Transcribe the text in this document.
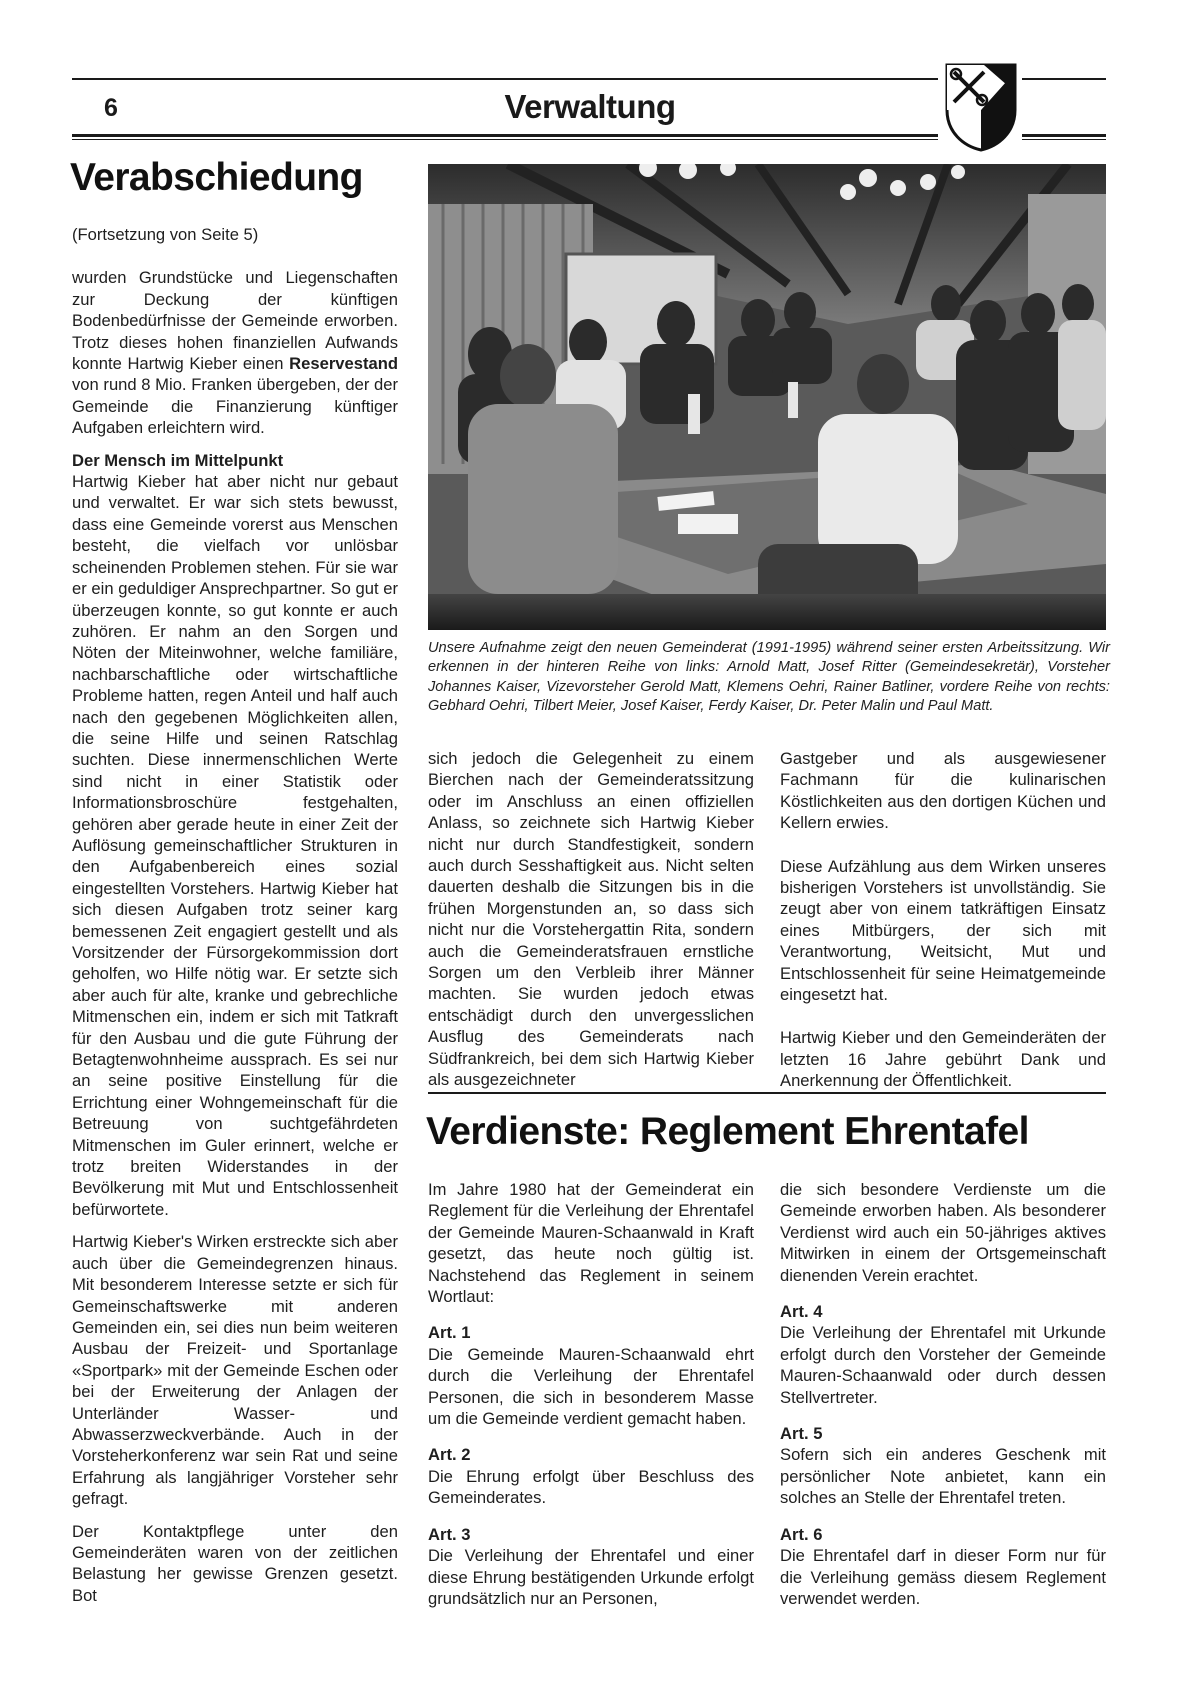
6	Verwaltung
Verabschiedung

(Fortsetzung von Seite 5)

wurden Grundstücke und Liegenschaften zur Deckung der künftigen Bodenbedürfnisse der Gemeinde erworben. Trotz dieses hohen finanziellen Aufwands konnte Hartwig Kieber einen Reservestand von rund 8 Mio. Franken übergeben, der der Gemeinde die Finanzierung künftiger Aufgaben erleichtern wird.

Der Mensch im Mittelpunkt

Hartwig Kieber hat aber nicht nur gebaut und verwaltet. Er war sich stets bewusst, dass eine Gemeinde vorerst aus Menschen besteht, die vielfach vor unlösbar scheinenden Problemen stehen. Für sie war er ein geduldiger Ansprechpartner. So gut er überzeugen konnte, so gut konnte er auch zuhören. Er nahm an den Sorgen und Nöten der Miteinwohner, welche familiäre, nachbarschaftliche oder wirtschaftliche Probleme hatten, regen Anteil und half auch nach den gegebenen Möglichkeiten allen, die seine Hilfe und seinen Ratschlag suchten. Diese innermenschlichen Werte sind nicht in einer Statistik oder Informationsbroschüre festgehalten, gehören aber gerade heute in einer Zeit der Auflösung gemeinschaftlicher Strukturen in den Aufgabenbereich eines sozial eingestellten Vorstehers. Hartwig Kieber hat sich diesen Aufgaben trotz seiner karg bemessenen Zeit engagiert gestellt und als Vorsitzender der Fürsorgekommission dort geholfen, wo Hilfe nötig war. Er setzte sich aber auch für alte, kranke und gebrechliche Mitmenschen ein, indem er sich mit Tatkraft für den Ausbau und die gute Führung der Betagtenwohnheime aussprach. Es sei nur an seine positive Einstellung für die Errichtung einer Wohngemeinschaft für die Betreuung von suchtgefährdeten Mitmenschen im Guler erinnert, welche er trotz breiten Widerstandes in der Bevölkerung mit Mut und Entschlossenheit befürwortete.

Hartwig Kieber's Wirken erstreckte sich aber auch über die Gemeindegrenzen hinaus. Mit besonderem Interesse setzte er sich für Gemeinschaftswerke mit anderen Gemeinden ein, sei dies nun beim weiteren Ausbau der Freizeit- und Sportanlage «Sportpark» mit der Gemeinde Eschen oder bei der Erweiterung der Anlagen der Unterländer Wasser- und Abwasserzweckverbände. Auch in der Vorsteherkonferenz war sein Rat und seine Erfahrung als langjähriger Vorsteher sehr gefragt.

Der Kontaktpflege unter den Gemeinderäten waren von der zeitlichen Belastung her gewisse Grenzen gesetzt. Bot

Unsere Aufnahme zeigt den neuen Gemeinderat (1991-1995) während seiner ersten Arbeitssitzung. Wir erkennen in der hinteren Reihe von links: Arnold Matt, Josef Ritter (Gemeindesekretär), Vorsteher Johannes Kaiser, Vizevorsteher Gerold Matt, Klemens Oehri, Rainer Batliner, vordere Reihe von rechts: Gebhard Oehri, Tilbert Meier, Josef Kaiser, Ferdy Kaiser, Dr. Peter Malin und Paul Matt.

sich jedoch die Gelegenheit zu einem Bierchen nach der Gemeinderatssitzung oder im Anschluss an einen offiziellen Anlass, so zeichnete sich Hartwig Kieber nicht nur durch Standfestigkeit, sondern auch durch Sesshaftigkeit aus. Nicht selten dauerten deshalb die Sitzungen bis in die frühen Morgenstunden an, so dass sich nicht nur die Vorstehergattin Rita, sondern auch die Gemeinderatsfrauen ernstliche Sorgen um den Verbleib ihrer Männer machten. Sie wurden jedoch etwas entschädigt durch den unvergesslichen Ausflug des Gemeinderats nach Südfrankreich, bei dem sich Hartwig Kieber als ausgezeichneter

Gastgeber und als ausgewiesener Fachmann für die kulinarischen Köstlichkeiten aus den dortigen Küchen und Kellern erwies.

Diese Aufzählung aus dem Wirken unseres bisherigen Vorstehers ist unvollständig. Sie zeugt aber von einem tatkräftigen Einsatz eines Mitbürgers, der sich mit Verantwortung, Weitsicht, Mut und Entschlossenheit für seine Heimatgemeinde eingesetzt hat.

Hartwig Kieber und den Gemeinderäten der letzten 16 Jahre gebührt Dank und Anerkennung der Öffentlichkeit.

Verdienste: Reglement Ehrentafel

Im Jahre 1980 hat der Gemeinderat ein Reglement für die Verleihung der Ehrentafel der Gemeinde Mauren-Schaanwald in Kraft gesetzt, das heute noch gültig ist. Nachstehend das Reglement in seinem Wortlaut:

Art. 1

Die Gemeinde Mauren-Schaanwald ehrt durch die Verleihung der Ehrentafel Personen, die sich in besonderem Masse um die Gemeinde verdient gemacht haben.

Art. 2

Die Ehrung erfolgt über Beschluss des Gemeinderates.

Art. 3

Die Verleihung der Ehrentafel und einer diese Ehrung bestätigenden Urkunde erfolgt grundsätzlich nur an Personen,

die sich besondere Verdienste um die Gemeinde erworben haben. Als besonderer Verdienst wird auch ein 50-jähriges aktives Mitwirken in einem der Ortsgemeinschaft dienenden Verein erachtet.

Art. 4

Die Verleihung der Ehrentafel mit Urkunde erfolgt durch den Vorsteher der Gemeinde Mauren-Schaanwald oder durch dessen Stellvertreter.

Art. 5

Sofern sich ein anderes Geschenk mit persönlicher Note anbietet, kann ein solches an Stelle der Ehrentafel treten.

Art. 6

Die Ehrentafel darf in dieser Form nur für die Verleihung gemäss diesem Reglement verwendet werden.
